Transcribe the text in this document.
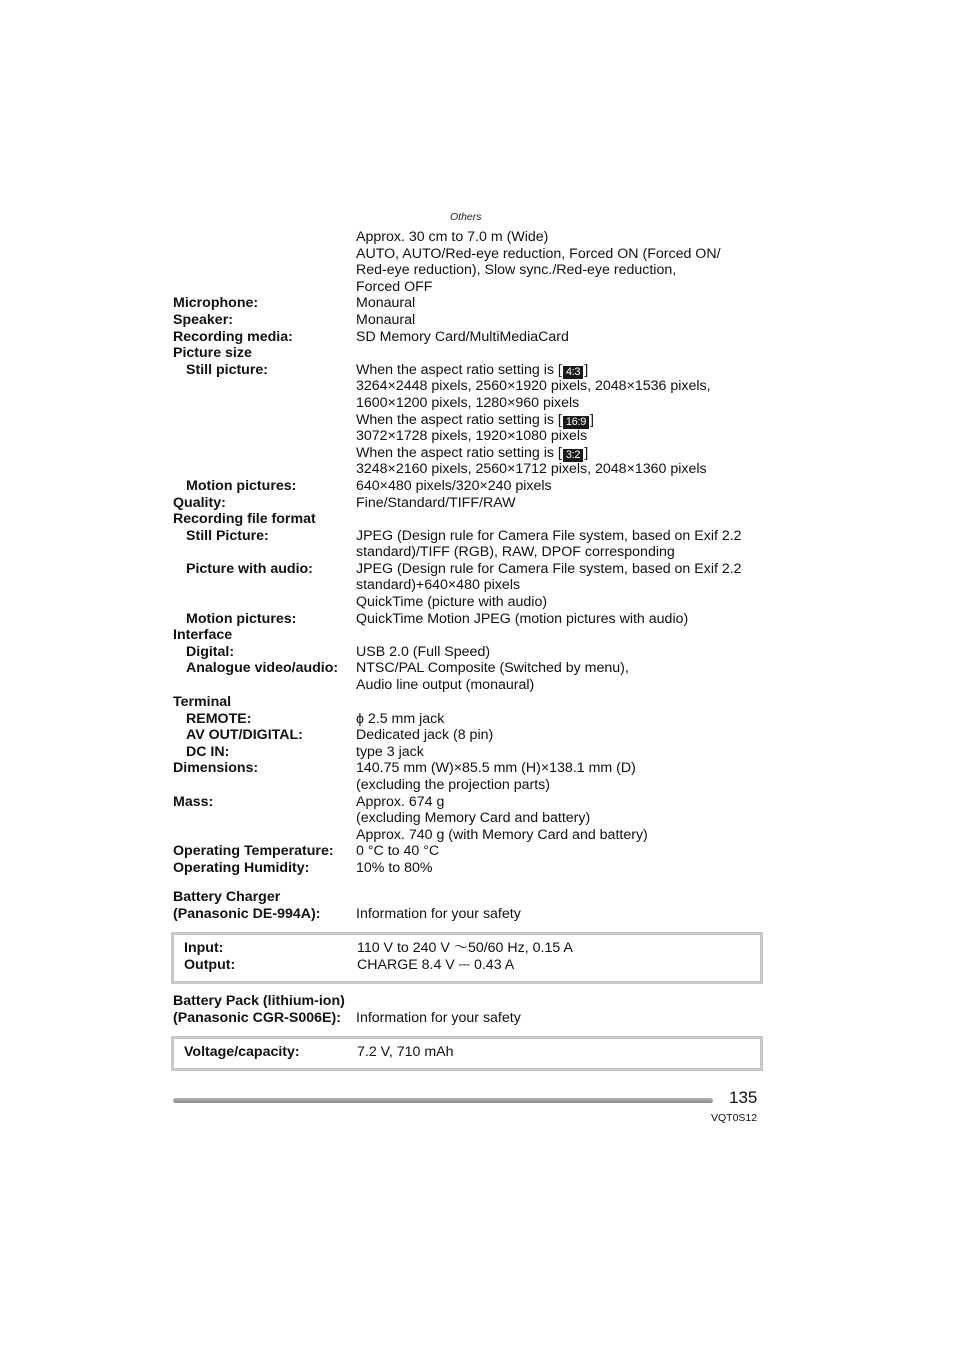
Others
Approx. 30 cm to 7.0 m (Wide)
AUTO, AUTO/Red-eye reduction, Forced ON (Forced ON/
Red-eye reduction), Slow sync./Red-eye reduction,
Forced OFF
Microphone:	Monaural
Speaker:	Monaural
Recording media:	SD Memory Card/MultiMediaCard
Picture size
Still picture:	When the aspect ratio setting is [ 4:3 ]
3264×2448 pixels, 2560×1920 pixels, 2048×1536 pixels,
1600×1200 pixels, 1280×960 pixels
When the aspect ratio setting is [ 16:9 ]
3072×1728 pixels, 1920×1080 pixels
When the aspect ratio setting is [ 3:2 ]
3248×2160 pixels, 2560×1712 pixels, 2048×1360 pixels
Motion pictures:	640×480 pixels/320×240 pixels
Quality:	Fine/Standard/TIFF/RAW
Recording file format
Still Picture:	JPEG (Design rule for Camera File system, based on Exif 2.2
standard)/TIFF (RGB), RAW, DPOF corresponding
Picture with audio:	JPEG (Design rule for Camera File system, based on Exif 2.2
standard)+640×480 pixels
QuickTime (picture with audio)
Motion pictures:	QuickTime Motion JPEG (motion pictures with audio)
Interface
Digital:	USB 2.0 (Full Speed)
Analogue video/audio: NTSC/PAL Composite (Switched by menu),
Audio line output (monaural)
Terminal
REMOTE:	ϕ 2.5 mm jack
AV OUT/DIGITAL:	Dedicated jack (8 pin)
DC IN:	type 3 jack
Dimensions:	140.75 mm (W)×85.5 mm (H)×138.1 mm (D)
(excluding the projection parts)
Mass:	Approx. 674 g
(excluding Memory Card and battery)
Approx. 740 g (with Memory Card and battery)
Operating Temperature: 0 °C to 40 °C
Operating Humidity:	10% to 80%
Battery Charger
(Panasonic DE-994A):	Information for your safety
Input:	110 V to 240 V ～50/60 Hz, 0.15 A
Output:	CHARGE 8.4 V ⎓ 0.43 A
Battery Pack (lithium-ion)
(Panasonic CGR-S006E): Information for your safety
Voltage/capacity:	7.2 V, 710 mAh
135
VQT0S12
